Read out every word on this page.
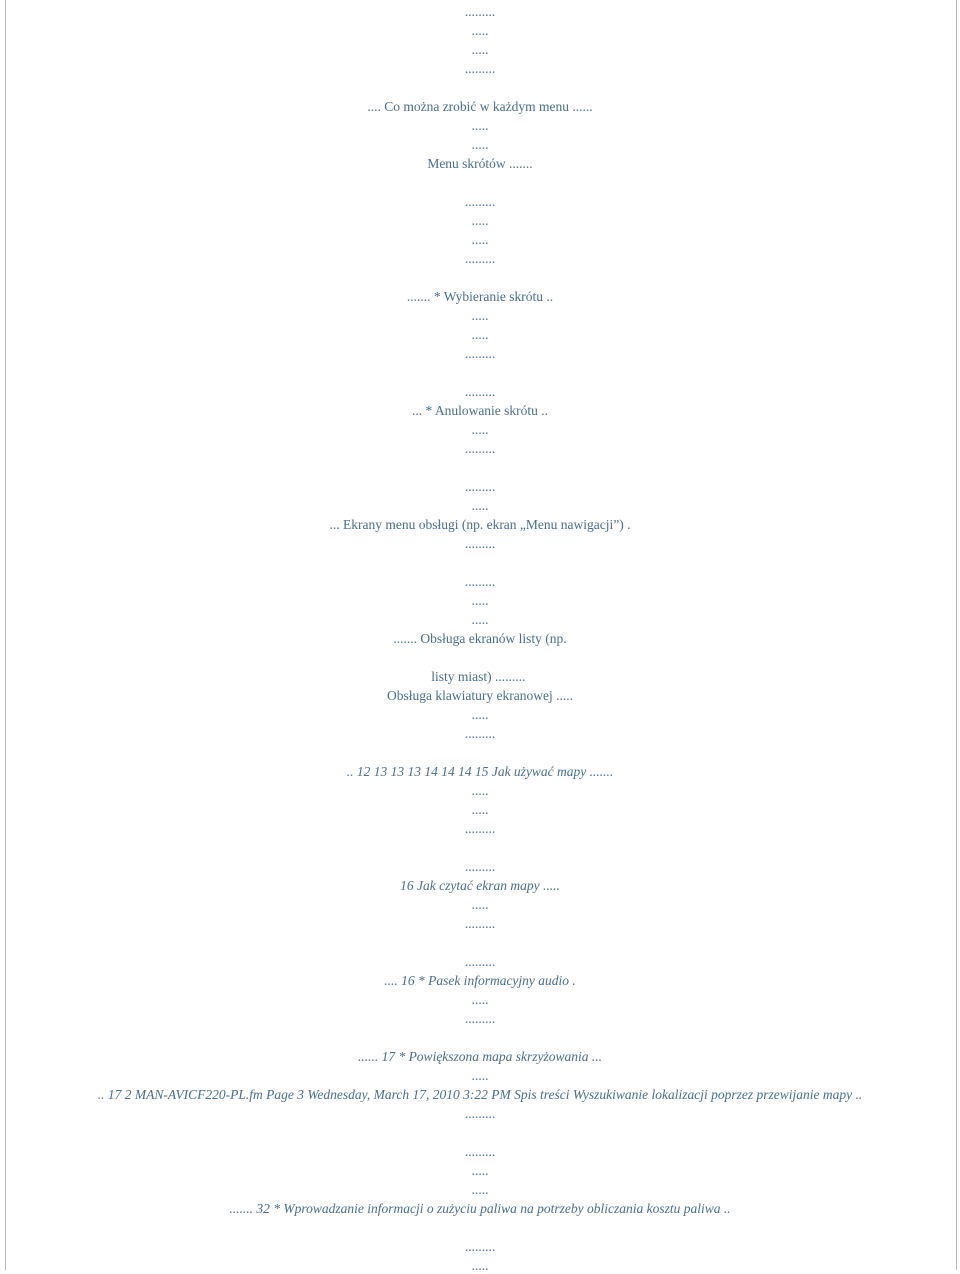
.........
.....
.....
.........
.... Co można zrobić w każdym menu ......
.....
.....
Menu skrótów .......
.........
.....
.....
.........
....... * Wybieranie skrótu ..
.....
.....
.........
.........
... * Anulowanie skrótu ..
.....
.........
.........
.....
... Ekrany menu obsługi (np. ekran „Menu nawigacji”) .
.........
.........
.....
.....
....... Obsługa ekranów listy (np.
listy miast) .........
Obsługa klawiatury ekranowej .....
.....
.........
.. 12 13 13 13 14 14 14 15 Jak używać mapy .......
.....
.....
.........
.........
16 Jak czytać ekran mapy .....
.....
.........
.........
.... 16 * Pasek informacyjny audio .
.....
.........
...... 17 * Powiększona mapa skrzyżowania ...
.....
.. 17 2 MAN-AVICF220-PL.fm Page 3 Wednesday, March 17, 2010 3:22 PM Spis treści Wyszukiwanie lokalizacji poprzez przewijanie mapy ..
.........
.........
.....
.....
....... 32 * Wprowadzanie informacji o zużyciu paliwa na potrzeby obliczania kosztu paliwa ..
.........
.....
